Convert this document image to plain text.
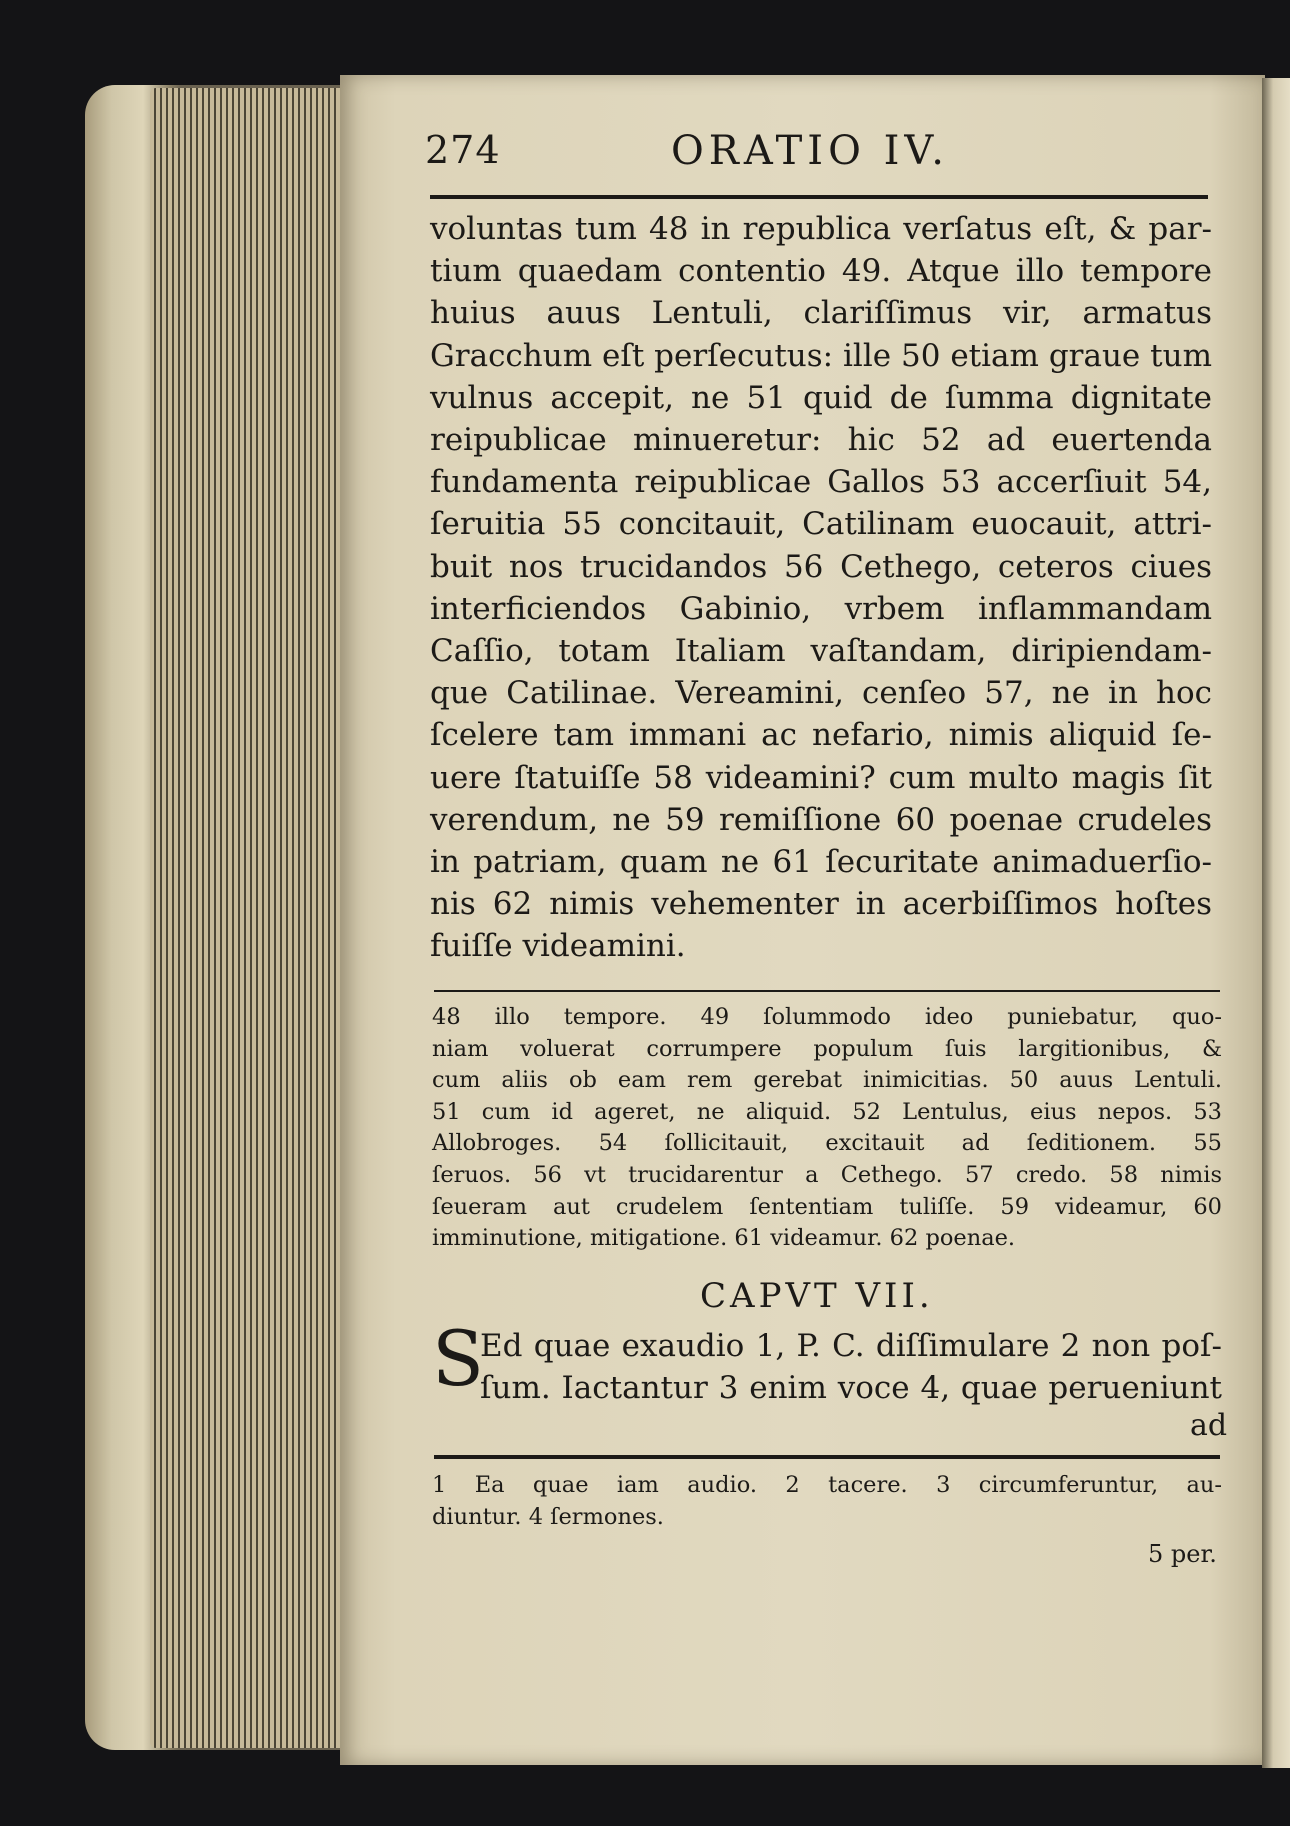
274	ORATIO IV.
voluntas tum 48 in republica verſatus eſt, & par-
tium quaedam contentio 49. Atque illo tempore
huius auus Lentuli, clariſſimus vir, armatus
Gracchum eſt perſecutus: ille 50 etiam graue tum
vulnus accepit, ne 51 quid de ſumma dignitate
reipublicae minueretur: hic 52 ad euertenda
fundamenta reipublicae Gallos 53 accerſiuit 54,
ſeruitia 55 concitauit, Catilinam euocauit, attri-
buit nos trucidandos 56 Cethego, ceteros ciues
interficiendos Gabinio, vrbem inflammandam
Caſſio, totam Italiam vaſtandam, diripiendam-
que Catilinae. Vereamini, cenſeo 57, ne in hoc
ſcelere tam immani ac nefario, nimis aliquid ſe-
uere ſtatuiſſe 58 videamini? cum multo magis ſit
verendum, ne 59 remiſſione 60 poenae crudeles
in patriam, quam ne 61 ſecuritate animaduerſio-
nis 62 nimis vehementer in acerbiſſimos hoſtes
fuiſſe videamini.
48 illo tempore. 49 ſolummodo ideo puniebatur, quo-
niam voluerat corrumpere populum ſuis largitionibus, &
cum aliis ob eam rem gerebat inimicitias. 50 auus Lentuli.
51 cum id ageret, ne aliquid. 52 Lentulus, eius nepos. 53
Allobroges. 54 ſollicitauit, excitauit ad ſeditionem. 55
ſeruos. 56 vt trucidarentur a Cethego. 57 credo. 58 nimis
ſeueram aut crudelem ſententiam tuliſſe. 59 videamur, 60
imminutione, mitigatione. 61 videamur. 62 poenae.
CAPVT VII.
S
Ed quae exaudio 1, P. C. diſſimulare 2 non poſ-
ſum. Iactantur 3 enim voce 4, quae perueniunt
ad
1 Ea quae iam audio. 2 tacere. 3 circumferuntur, au-
diuntur. 4 ſermones.
5 per.
